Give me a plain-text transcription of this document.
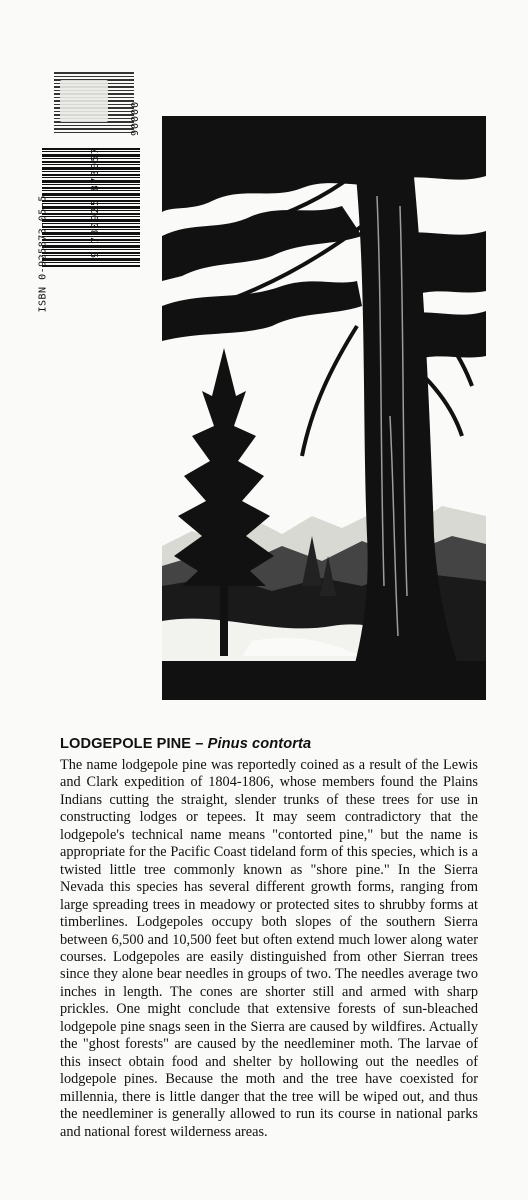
ISBN 0-925873-05-5	9 780925 873057
90000
LODGEPOLE PINE – Pinus contorta

The name lodgepole pine was reportedly coined as a result of the Lewis and Clark expedition of 1804-1806, whose members found the Plains Indians cutting the straight, slender trunks of these trees for use in constructing lodges or tepees. It may seem contradictory that the lodgepole's technical name means "contorted pine," but the name is appropriate for the Pacific Coast tideland form of this species, which is a twisted little tree commonly known as "shore pine." In the Sierra Nevada this species has several different growth forms, ranging from large spreading trees in meadowy or protected sites to shrubby forms at timberlines. Lodgepoles occupy both slopes of the southern Sierra between 6,500 and 10,500 feet but often extend much lower along water courses. Lodgepoles are easily distinguished from other Sierran trees since they alone bear needles in groups of two. The needles average two inches in length. The cones are shorter still and armed with sharp prickles. One might conclude that extensive forests of sun-bleached lodgepole pine snags seen in the Sierra are caused by wildfires. Actually the "ghost forests" are caused by the needleminer moth. The larvae of this insect obtain food and shelter by hollowing out the needles of lodgepole pines. Because the moth and the tree have coexisted for millennia, there is little danger that the tree will be wiped out, and thus the needleminer is generally allowed to run its course in national parks and national forest wilderness areas.
